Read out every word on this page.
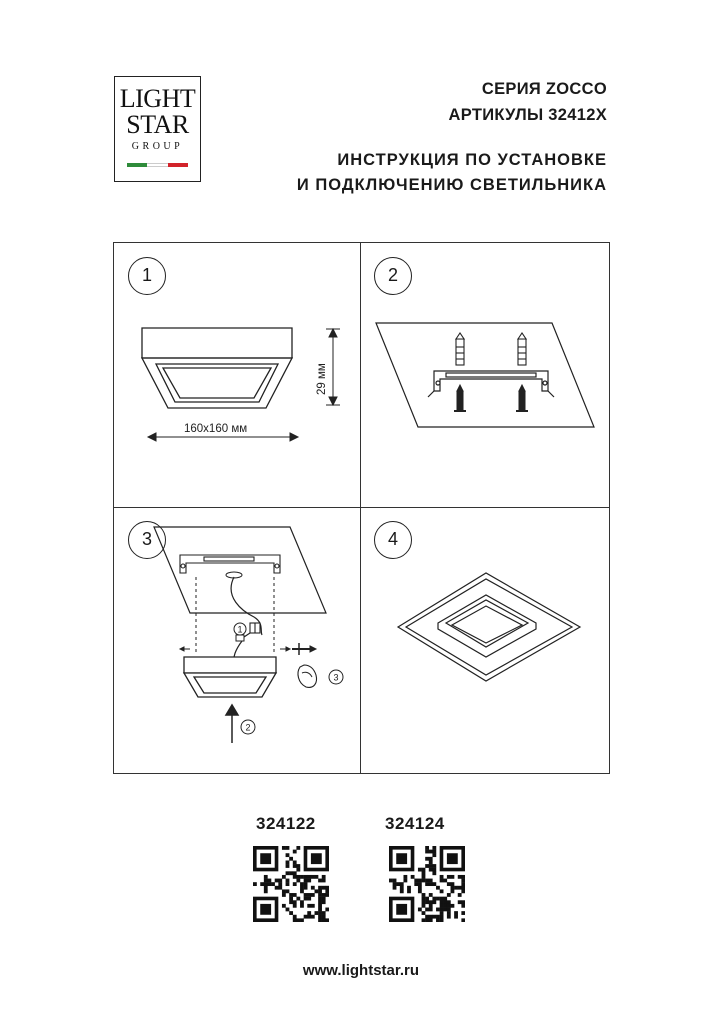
LIGHT
STAR
GROUP
СЕРИЯ ZOCCO
АРТИКУЛЫ 32412X
ИНСТРУКЦИЯ ПО УСТАНОВКЕ
И ПОДКЛЮЧЕНИЮ СВЕТИЛЬНИКА
1
29 мм
160x160 мм
2
3
1
3
2
4
324122	324124
www.lightstar.ru
